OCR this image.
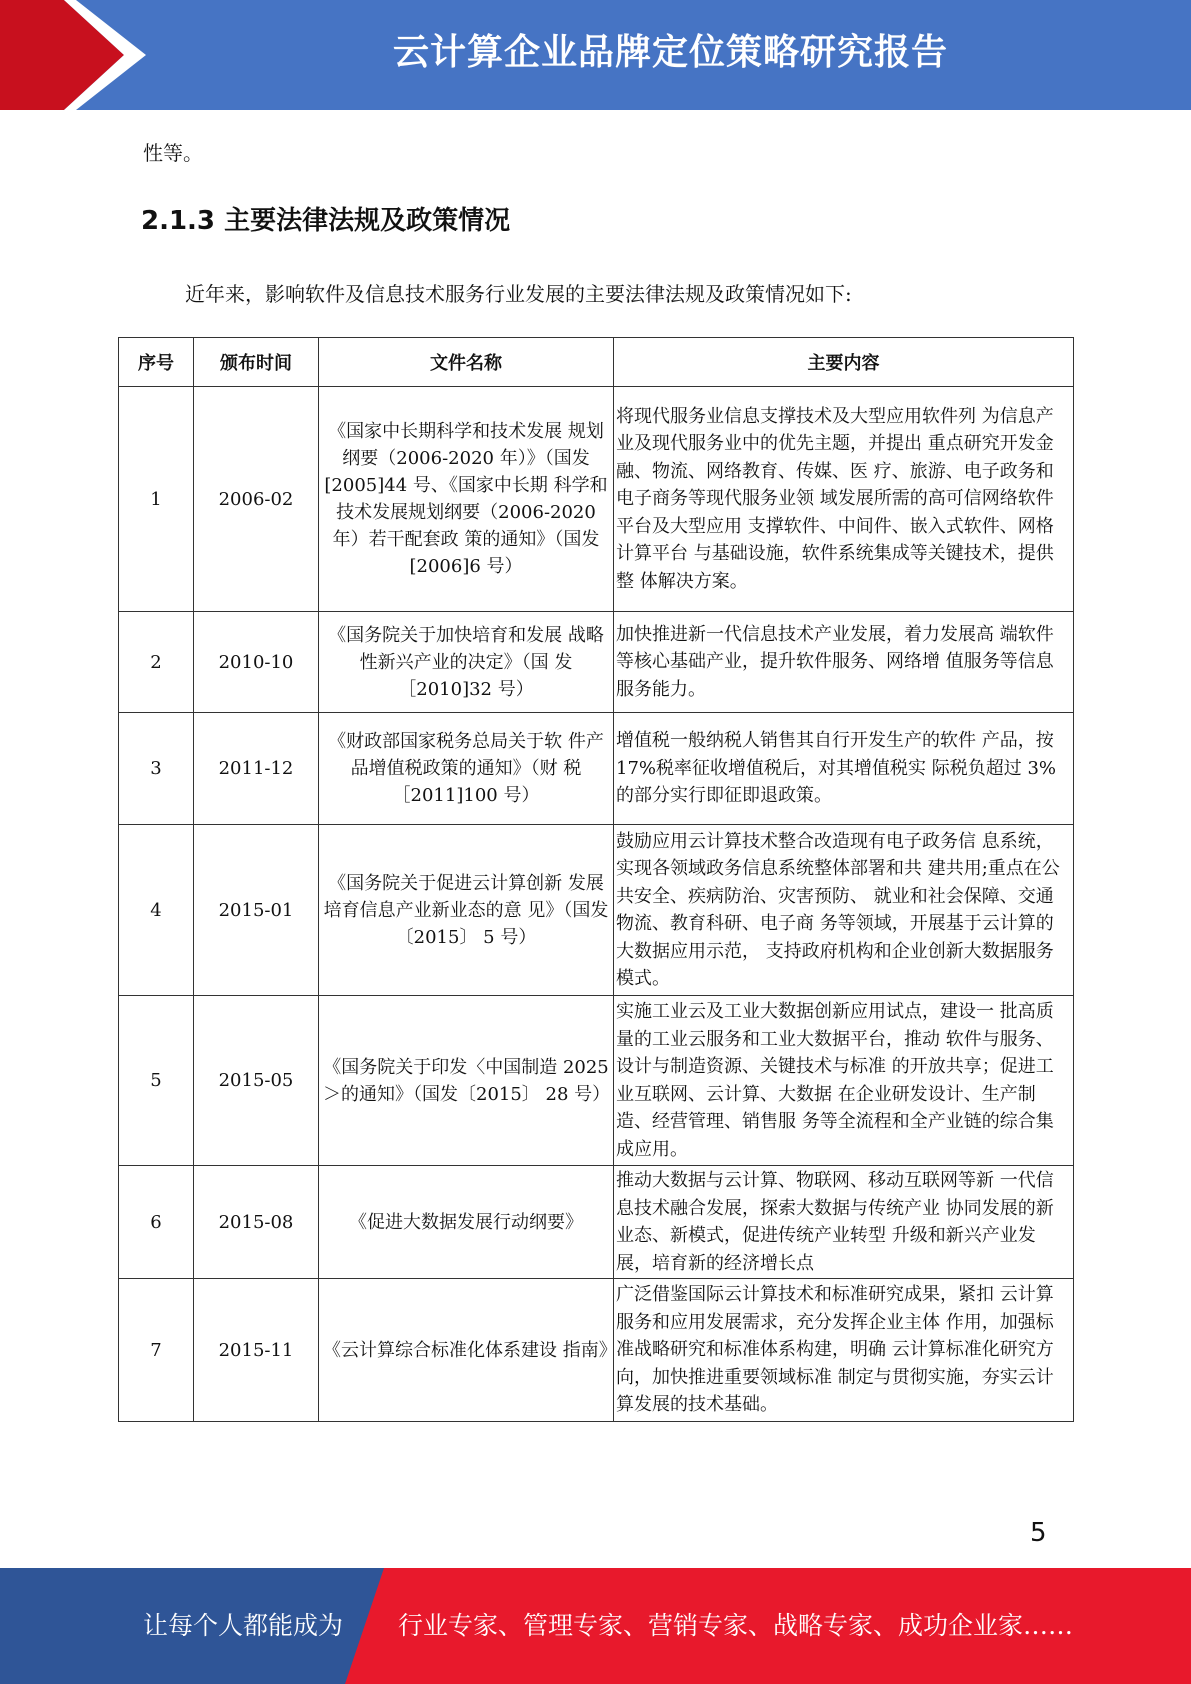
云计算企业品牌定位策略研究报告
性等。
2.1.3 主要法律法规及政策情况
近年来，影响软件及信息技术服务行业发展的主要法律法规及政策情况如下:
序号	颁布时间	文件名称	主要内容
1	2006-02	《国家中长期科学和技术发展 规划纲要（2006-2020 年）》（国发[2005]44 号、《国家中长期 科学和技术发展规划纲要（2006-2020 年）若干配套政 策的通知》（国发[2006]6 号）	将现代服务业信息支撑技术及大型应用软件列 为信息产业及现代服务业中的优先主题，并提出 重点研究开发金融、物流、网络教育、传媒、医 疗、旅游、电子政务和电子商务等现代服务业领 域发展所需的高可信网络软件平台及大型应用 支撑软件、中间件、嵌入式软件、网格计算平台 与基础设施，软件系统集成等关键技术，提供整 体解决方案。
2	2010-10	《国务院关于加快培育和发展 战略性新兴产业的决定》（国 发［2010]32 号）	加快推进新一代信息技术产业发展，着力发展高 端软件等核心基础产业，提升软件服务、网络增 值服务等信息服务能力。
3	2011-12	《财政部国家税务总局关于软 件产品增值税政策的通知》（财 税［2011]100 号）	增值税一般纳税人销售其自行开发生产的软件 产品，按 17%税率征收增值税后，对其增值税实 际税负超过 3%的部分实行即征即退政策。
4	2015-01	《国务院关于促进云计算创新 发展培育信息产业新业态的意 见》（国发〔2015〕 5 号）	鼓励应用云计算技术整合改造现有电子政务信 息系统，实现各领域政务信息系统整体部署和共 建共用;重点在公共安全、疾病防治、灾害预防、 就业和社会保障、交通物流、教育科研、电子商 务等领域，开展基于云计算的大数据应用示范， 支持政府机构和企业创新大数据服务模式。
5	2015-05	《国务院关于印发〈中国制造 2025＞的通知》（国发〔2015〕 28 号）	实施工业云及工业大数据创新应用试点，建设一 批高质量的工业云服务和工业大数据平台，推动 软件与服务、设计与制造资源、关键技术与标准 的开放共享；促进工业互联网、云计算、大数据 在企业研发设计、生产制造、经营管理、销售服 务等全流程和全产业链的综合集成应用。
6	2015-08	《促进大数据发展行动纲要》	推动大数据与云计算、物联网、移动互联网等新 一代信息技术融合发展，探索大数据与传统产业 协同发展的新业态、新模式，促进传统产业转型 升级和新兴产业发展，培育新的经济增长点
7	2015-11	《云计算综合标准化体系建设 指南》	广泛借鉴国际云计算技术和标准研究成果，紧扣 云计算服务和应用发展需求，充分发挥企业主体 作用，加强标准战略研究和标准体系构建，明确 云计算标准化研究方向，加快推进重要领域标准 制定与贯彻实施，夯实云计算发展的技术基础。
5
让每个人都能成为 行业专家、管理专家、营销专家、战略专家、成功企业家……
